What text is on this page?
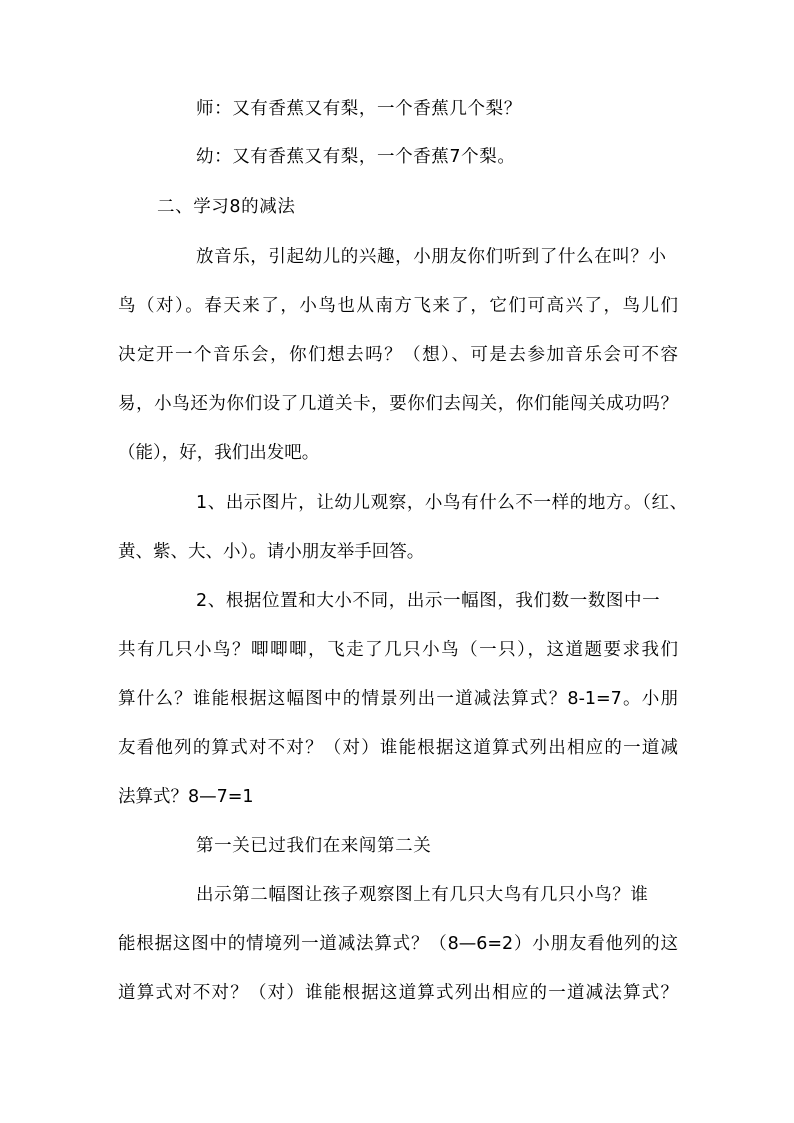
师：又有香蕉又有梨，一个香蕉几个梨？
幼：又有香蕉又有梨，一个香蕉7个梨。
二、学习8的减法
放音乐，引起幼儿的兴趣，小朋友你们听到了什么在叫？小
鸟（对）。春天来了，小鸟也从南方飞来了，它们可高兴了，鸟儿们
决定开一个音乐会，你们想去吗？（想）、可是去参加音乐会可不容
易，小鸟还为你们设了几道关卡，要你们去闯关，你们能闯关成功吗？
（能），好，我们出发吧。
1、出示图片，让幼儿观察，小鸟有什么不一样的地方。（红、
黄、紫、大、小）。请小朋友举手回答。
2、根据位置和大小不同，出示一幅图，我们数一数图中一
共有几只小鸟？唧唧唧，飞走了几只小鸟（一只），这道题要求我们
算什么？谁能根据这幅图中的情景列出一道减法算式？8-1=7。小朋
友看他列的算式对不对？（对）谁能根据这道算式列出相应的一道减
法算式？8—7=1
第一关已过我们在来闯第二关
出示第二幅图让孩子观察图上有几只大鸟有几只小鸟？谁
能根据这图中的情境列一道减法算式？（8—6=2）小朋友看他列的这
道算式对不对？（对）谁能根据这道算式列出相应的一道减法算式？
